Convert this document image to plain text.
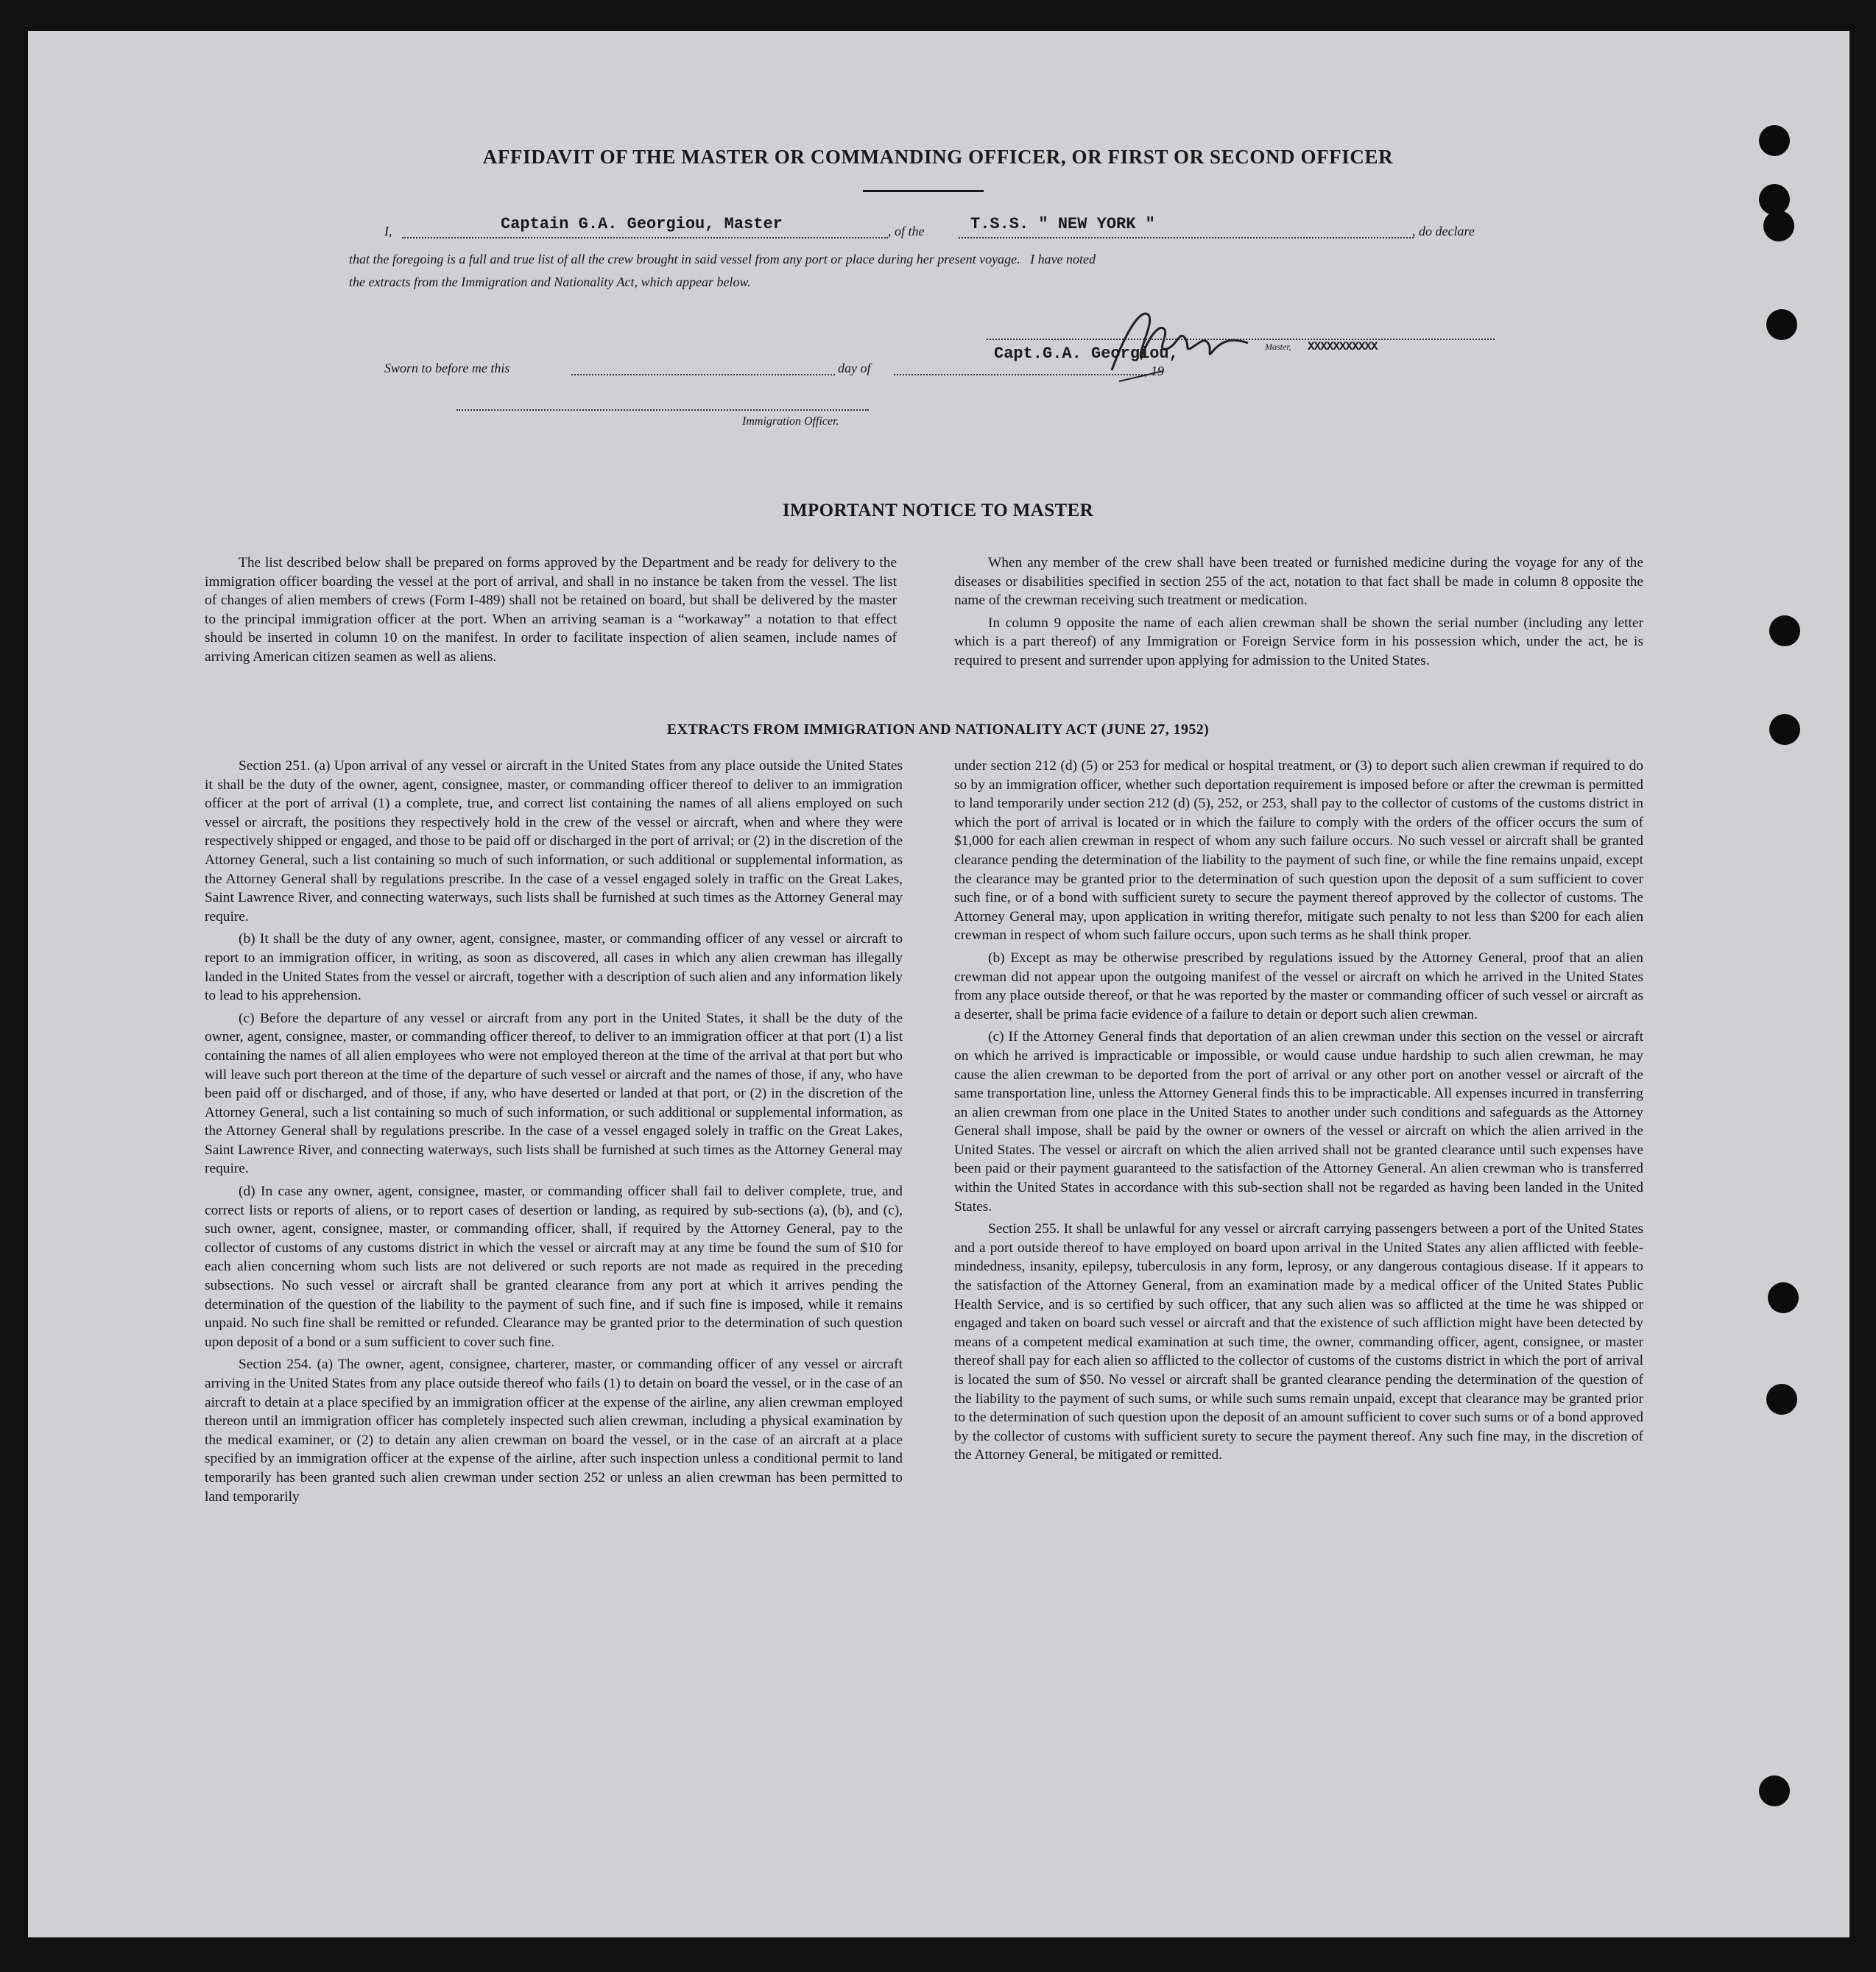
AFFIDAVIT OF THE MASTER OR COMMANDING OFFICER, OR FIRST OR SECOND OFFICER
I,	Captain G.A. Georgiou, Master	, of the	T.S.S. " NEW YORK "	, do declare
that the foregoing is a full and true list of all the crew brought in said vessel from any port or place during her present voyage.   I have noted
the extracts from the Immigration and Nationality Act, which appear below.
Capt.G.A. Georgiou,	Master, XXXXXXXXXXX
Sworn to before me this	day of	, 19
Immigration Officer.
IMPORTANT NOTICE TO MASTER

The list described below shall be prepared on forms approved by the Department and be ready for delivery to the immigration officer boarding the vessel at the port of arrival, and shall in no instance be taken from the vessel. The list of changes of alien members of crews (Form I-489) shall not be retained on board, but shall be delivered by the master to the principal immigration officer at the port. When an arriving seaman is a “workaway” a notation to that effect should be inserted in column 10 on the manifest. In order to facilitate inspection of alien seamen, include names of arriving American citizen seamen as well as aliens.

When any member of the crew shall have been treated or furnished medicine during the voyage for any of the diseases or disabilities specified in section 255 of the act, notation to that fact shall be made in column 8 opposite the name of the crewman receiving such treatment or medication.

In column 9 opposite the name of each alien crewman shall be shown the serial number (including any letter which is a part thereof) of any Immigration or Foreign Service form in his possession which, under the act, he is required to present and surrender upon applying for admission to the United States.

EXTRACTS FROM IMMIGRATION AND NATIONALITY ACT (JUNE 27, 1952)

Section 251. (a) Upon arrival of any vessel or aircraft in the United States from any place outside the United States it shall be the duty of the owner, agent, consignee, master, or commanding officer thereof to deliver to an immigration officer at the port of arrival (1) a complete, true, and correct list containing the names of all aliens employed on such vessel or aircraft, the positions they respectively hold in the crew of the vessel or aircraft, when and where they were respectively shipped or engaged, and those to be paid off or discharged in the port of arrival; or (2) in the discretion of the Attorney General, such a list containing so much of such information, or such additional or supplemental information, as the Attorney General shall by regulations prescribe. In the case of a vessel engaged solely in traffic on the Great Lakes, Saint Lawrence River, and connecting waterways, such lists shall be furnished at such times as the Attorney General may require.

(b) It shall be the duty of any owner, agent, consignee, master, or commanding officer of any vessel or aircraft to report to an immigration officer, in writing, as soon as discovered, all cases in which any alien crewman has illegally landed in the United States from the vessel or aircraft, together with a description of such alien and any information likely to lead to his apprehension.

(c) Before the departure of any vessel or aircraft from any port in the United States, it shall be the duty of the owner, agent, consignee, master, or commanding officer thereof, to deliver to an immigration officer at that port (1) a list containing the names of all alien employees who were not employed thereon at the time of the arrival at that port but who will leave such port thereon at the time of the departure of such vessel or aircraft and the names of those, if any, who have been paid off or discharged, and of those, if any, who have deserted or landed at that port, or (2) in the discretion of the Attorney General, such a list containing so much of such information, or such additional or supplemental information, as the Attorney General shall by regulations prescribe. In the case of a vessel engaged solely in traffic on the Great Lakes, Saint Lawrence River, and connecting waterways, such lists shall be furnished at such times as the Attorney General may require.

(d) In case any owner, agent, consignee, master, or commanding officer shall fail to deliver complete, true, and correct lists or reports of aliens, or to report cases of desertion or landing, as required by sub-sections (a), (b), and (c), such owner, agent, consignee, master, or commanding officer, shall, if required by the Attorney General, pay to the collector of customs of any customs district in which the vessel or aircraft may at any time be found the sum of $10 for each alien concerning whom such lists are not delivered or such reports are not made as required in the preceding subsections. No such vessel or aircraft shall be granted clearance from any port at which it arrives pending the determination of the question of the liability to the payment of such fine, and if such fine is imposed, while it remains unpaid. No such fine shall be remitted or refunded. Clearance may be granted prior to the determination of such question upon deposit of a bond or a sum sufficient to cover such fine.

Section 254. (a) The owner, agent, consignee, charterer, master, or commanding officer of any vessel or aircraft arriving in the United States from any place outside thereof who fails (1) to detain on board the vessel, or in the case of an aircraft to detain at a place specified by an immigration officer at the expense of the airline, any alien crewman employed thereon until an immigration officer has completely inspected such alien crewman, including a physical examination by the medical examiner, or (2) to detain any alien crewman on board the vessel, or in the case of an aircraft at a place specified by an immigration officer at the expense of the airline, after such inspection unless a conditional permit to land temporarily has been granted such alien crewman under section 252 or unless an alien crewman has been permitted to land temporarily

under section 212 (d) (5) or 253 for medical or hospital treatment, or (3) to deport such alien crewman if required to do so by an immigration officer, whether such deportation requirement is imposed before or after the crewman is permitted to land temporarily under section 212 (d) (5), 252, or 253, shall pay to the collector of customs of the customs district in which the port of arrival is located or in which the failure to comply with the orders of the officer occurs the sum of $1,000 for each alien crewman in respect of whom any such failure occurs. No such vessel or aircraft shall be granted clearance pending the determination of the liability to the payment of such fine, or while the fine remains unpaid, except the clearance may be granted prior to the determination of such question upon the deposit of a sum sufficient to cover such fine, or of a bond with sufficient surety to secure the payment thereof approved by the collector of customs. The Attorney General may, upon application in writing therefor, mitigate such penalty to not less than $200 for each alien crewman in respect of whom such failure occurs, upon such terms as he shall think proper.

(b) Except as may be otherwise prescribed by regulations issued by the Attorney General, proof that an alien crewman did not appear upon the outgoing manifest of the vessel or aircraft on which he arrived in the United States from any place outside thereof, or that he was reported by the master or commanding officer of such vessel or aircraft as a deserter, shall be prima facie evidence of a failure to detain or deport such alien crewman.

(c) If the Attorney General finds that deportation of an alien crewman under this section on the vessel or aircraft on which he arrived is impracticable or impossible, or would cause undue hardship to such alien crewman, he may cause the alien crewman to be deported from the port of arrival or any other port on another vessel or aircraft of the same transportation line, unless the Attorney General finds this to be impracticable. All expenses incurred in transferring an alien crewman from one place in the United States to another under such conditions and safeguards as the Attorney General shall impose, shall be paid by the owner or owners of the vessel or aircraft on which the alien arrived in the United States. The vessel or aircraft on which the alien arrived shall not be granted clearance until such expenses have been paid or their payment guaranteed to the satisfaction of the Attorney General. An alien crewman who is transferred within the United States in accordance with this sub-section shall not be regarded as having been landed in the United States.

Section 255. It shall be unlawful for any vessel or aircraft carrying passengers between a port of the United States and a port outside thereof to have employed on board upon arrival in the United States any alien afflicted with feeble-mindedness, insanity, epilepsy, tuberculosis in any form, leprosy, or any dangerous contagious disease. If it appears to the satisfaction of the Attorney General, from an examination made by a medical officer of the United States Public Health Service, and is so certified by such officer, that any such alien was so afflicted at the time he was shipped or engaged and taken on board such vessel or aircraft and that the existence of such affliction might have been detected by means of a competent medical examination at such time, the owner, commanding officer, agent, consignee, or master thereof shall pay for each alien so afflicted to the collector of customs of the customs district in which the port of arrival is located the sum of $50. No vessel or aircraft shall be granted clearance pending the determination of the question of the liability to the payment of such sums, or while such sums remain unpaid, except that clearance may be granted prior to the determination of such question upon the deposit of an amount sufficient to cover such sums or of a bond approved by the collector of customs with sufficient surety to secure the payment thereof. Any such fine may, in the discretion of the Attorney General, be mitigated or remitted.
